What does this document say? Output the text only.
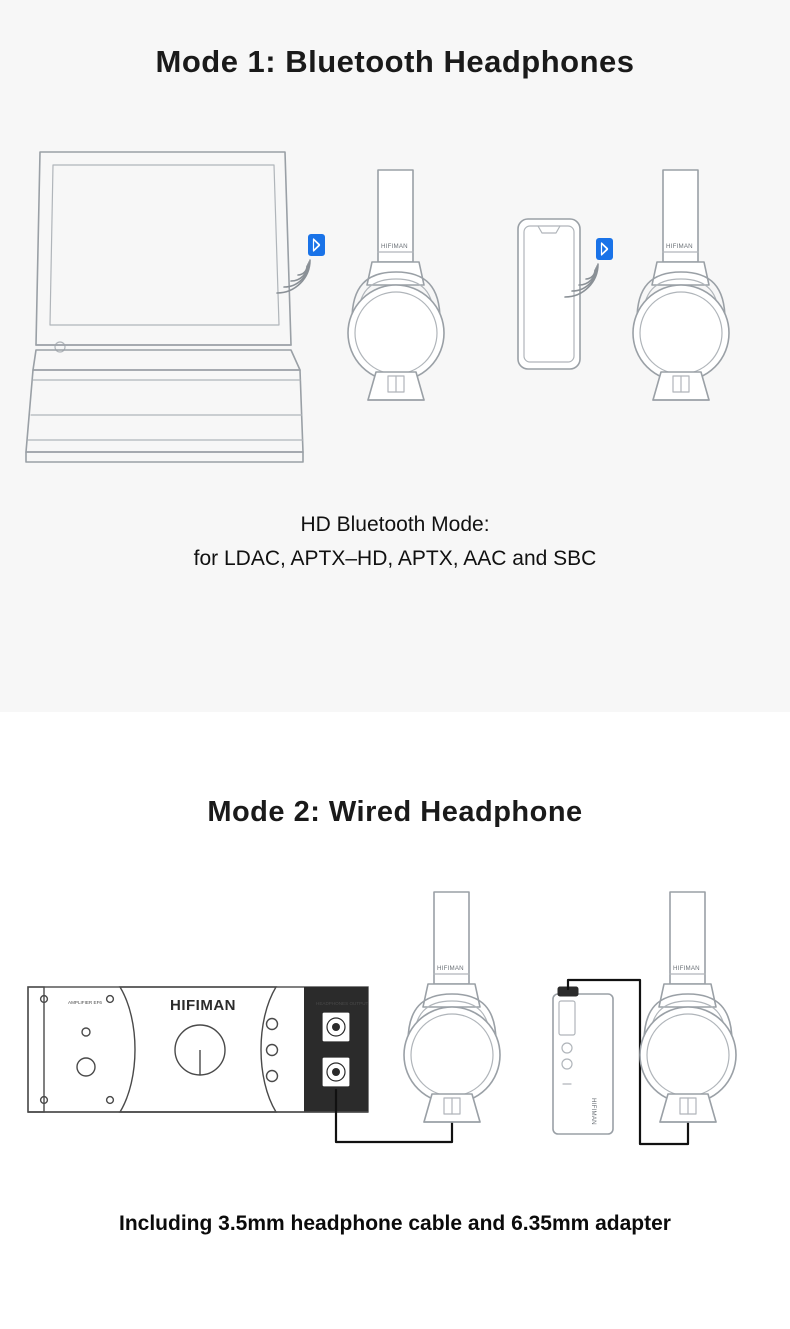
Mode 1: Bluetooth Headphones
HIFIMAN	HIFIMAN
HD Bluetooth Mode:
for LDAC, APTX–HD, APTX, AAC and SBC
Mode 2: Wired Headphone
AMPLIFIER EF6	HEADPHONES OUTPUT
HIFIMAN
HIFIMAN
HIFIMAN
HIFIMAN
Including 3.5mm headphone cable and 6.35mm adapter
